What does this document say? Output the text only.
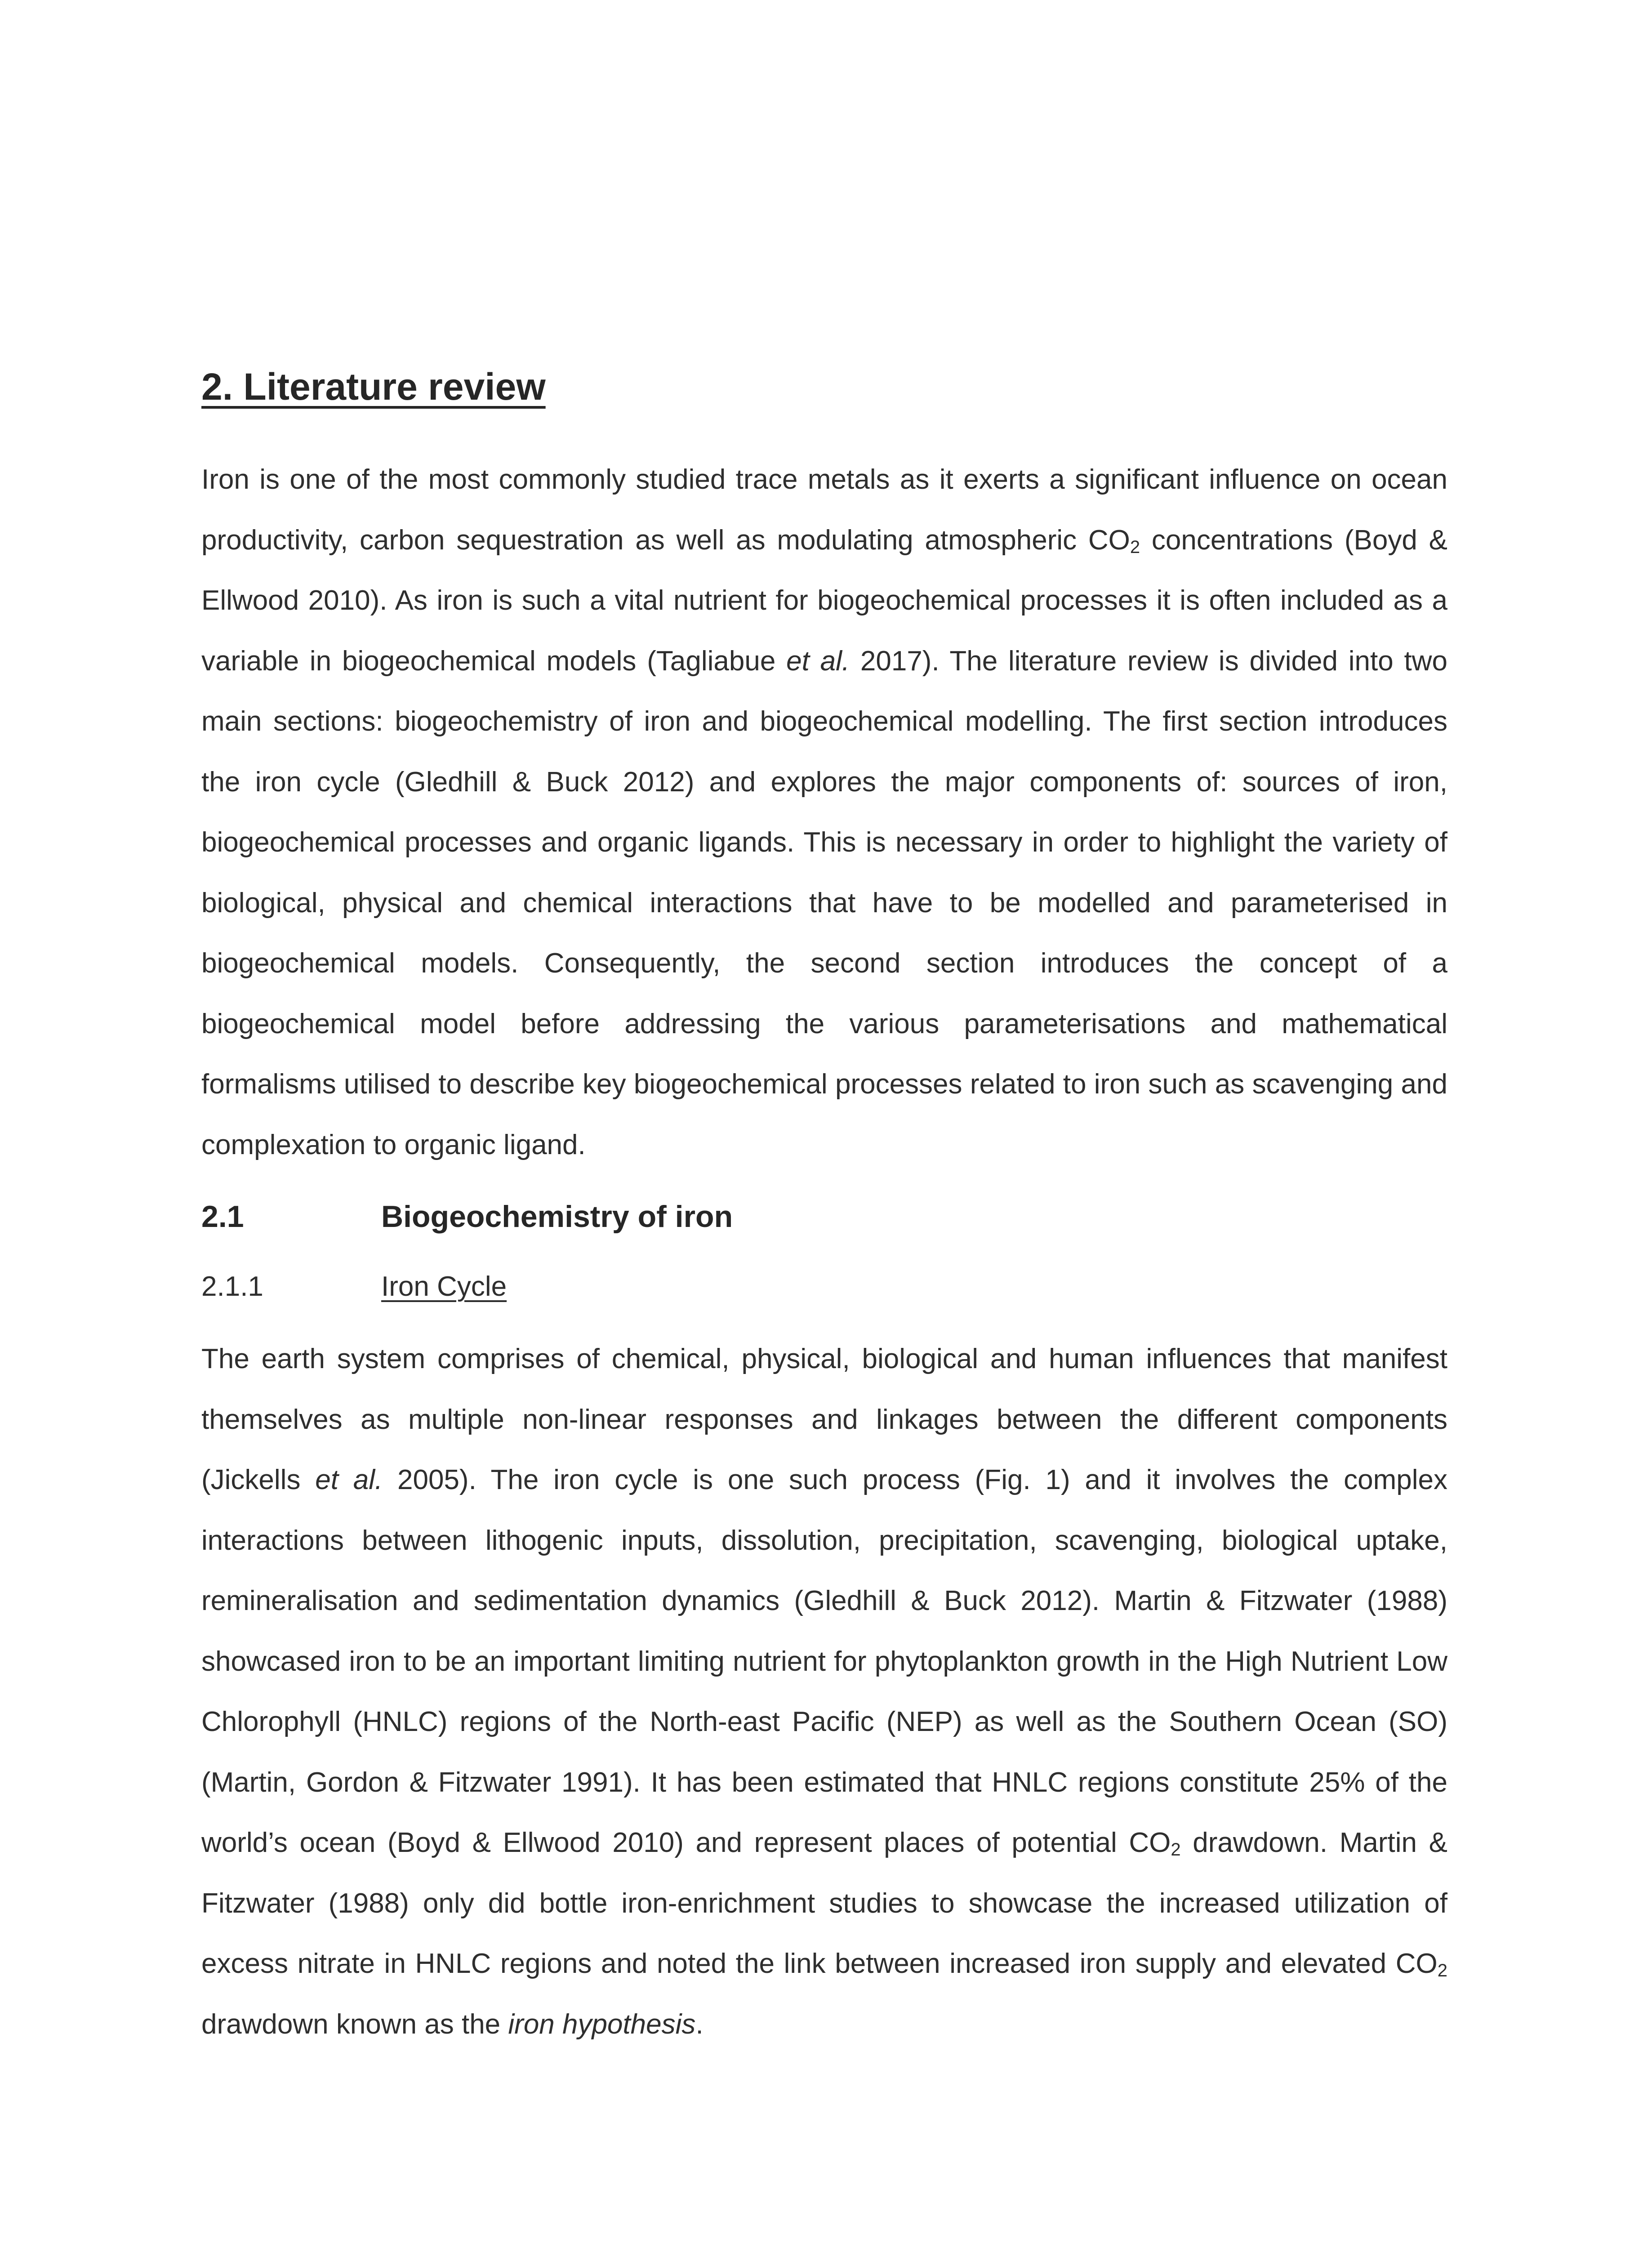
2. Literature review

Iron is one of the most commonly studied trace metals as it exerts a significant influence on ocean productivity, carbon sequestration as well as modulating atmospheric $CO_2$ concentrations (Boyd & Ellwood 2010). As iron is such a vital nutrient for biogeochemical processes it is often included as a variable in biogeochemical models (Tagliabue et al. 2017). The literature review is divided into two main sections: biogeochemistry of iron and biogeochemical modelling. The first section introduces the iron cycle (Gledhill & Buck 2012) and explores the major components of: sources of iron, biogeochemical processes and organic ligands. This is necessary in order to highlight the variety of biological, physical and chemical interactions that have to be modelled and parameterised in biogeochemical models. Consequently, the second section introduces the concept of a biogeochemical model before addressing the various parameterisations and mathematical formalisms utilised to describe key biogeochemical processes related to iron such as scavenging and complexation to organic ligand.

2.1	Biogeochemistry of iron
2.1.1	Iron Cycle

The earth system comprises of chemical, physical, biological and human influences that manifest themselves as multiple non-linear responses and linkages between the different components (Jickells et al. 2005). The iron cycle is one such process (Fig. 1) and it involves the complex interactions between lithogenic inputs, dissolution, precipitation, scavenging, biological uptake, remineralisation and sedimentation dynamics (Gledhill & Buck 2012). Martin & Fitzwater (1988) showcased iron to be an important limiting nutrient for phytoplankton growth in the High Nutrient Low Chlorophyll (HNLC) regions of the North-east Pacific (NEP) as well as the Southern Ocean (SO) (Martin, Gordon & Fitzwater 1991). It has been estimated that HNLC regions constitute 25% of the world’s ocean (Boyd & Ellwood 2010) and represent places of potential $CO_2$ drawdown. Martin & Fitzwater (1988) only did bottle iron-enrichment studies to showcase the increased utilization of excess nitrate in HNLC regions and noted the link between increased iron supply and elevated $CO_2$ drawdown known as the iron hypothesis.
